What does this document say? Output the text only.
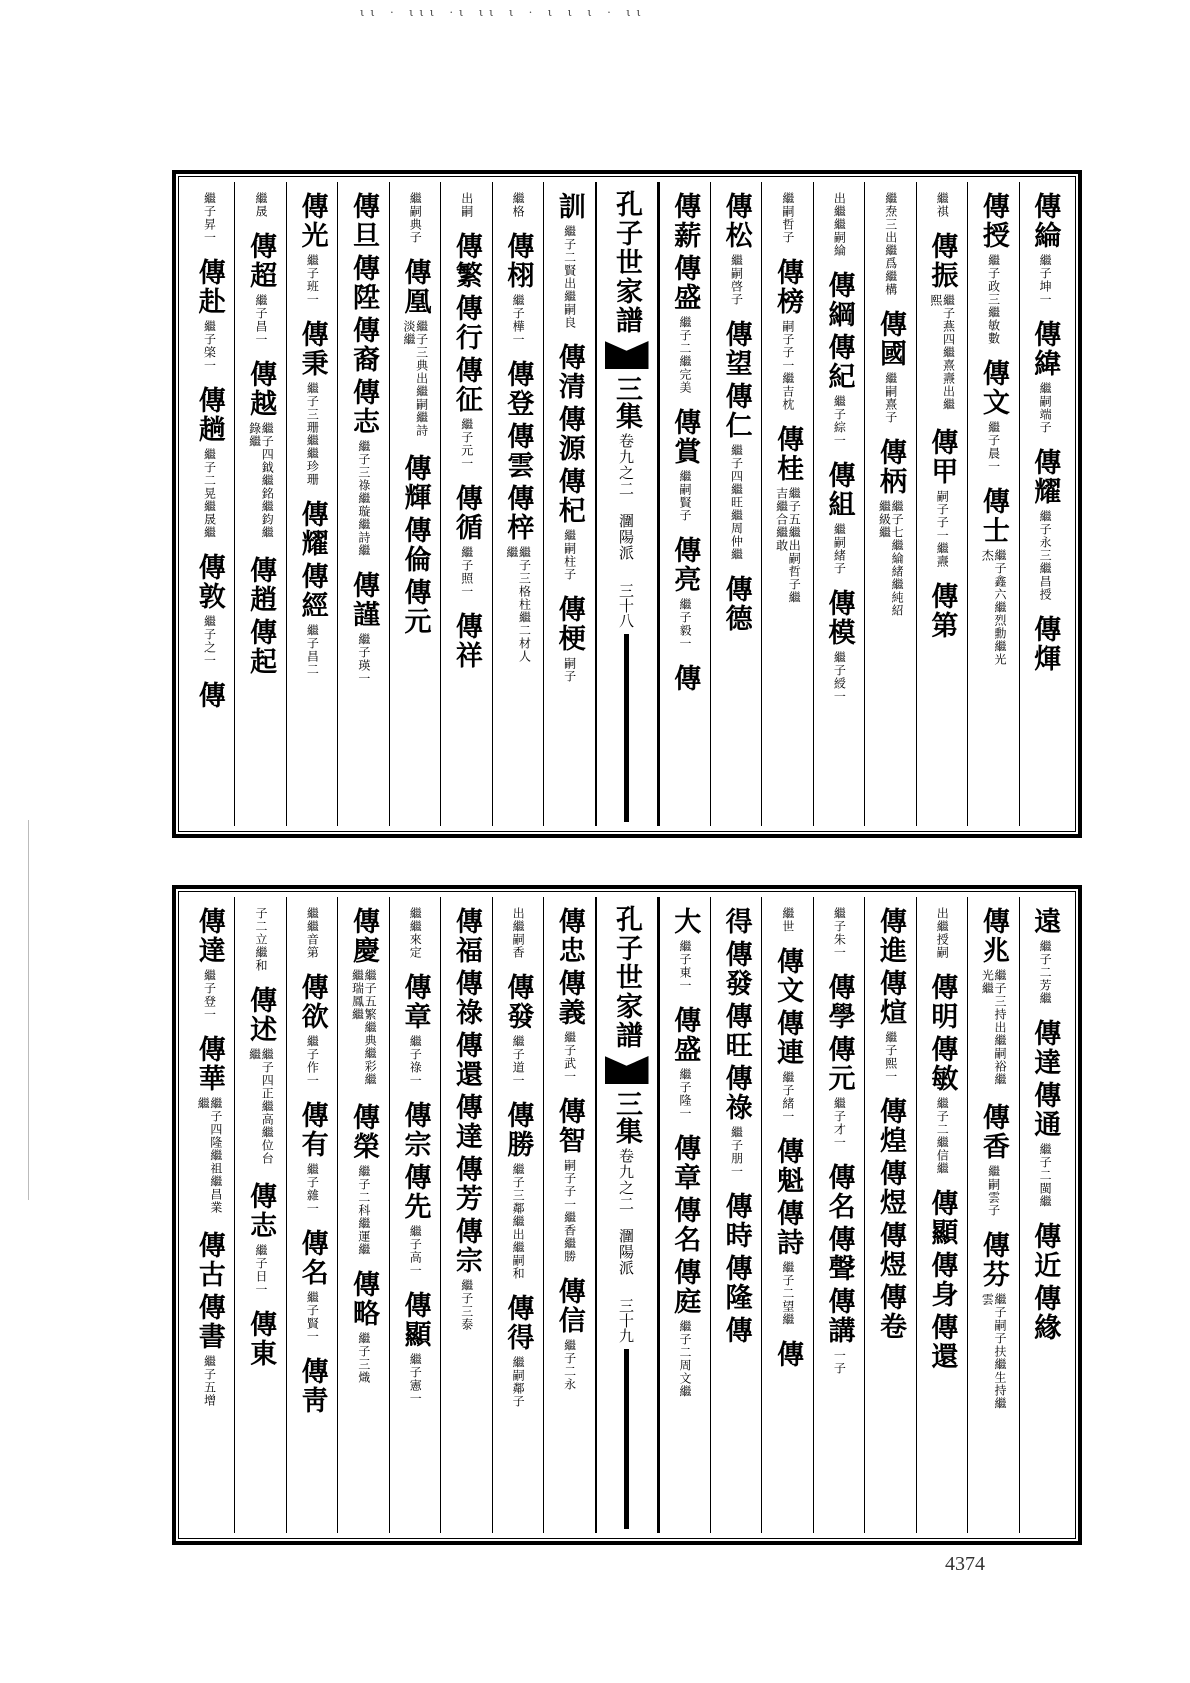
ιι · ιιι ·ι ιι ι · ι ι ι · ιι
傳綸
繼子坤一
傳緯
繼嗣端子
傳耀
繼子永三繼昌授
傳煇
傳授
繼子政三繼敏數
傳文
繼子晨一
傳士
繼子鑫六繼烈勳繼光杰
繼祺
傳振
繼子燕四繼熹燾出繼熙
傳甲
嗣子子一繼燾
傳第
繼焘三出繼爲繼構
傳國
繼嗣熹子
傳柄
繼子七繼綸緒繼純紹繼級繼
出繼繼嗣綸
傳綱
傳紀
繼子綜一
傳組
繼嗣緒子
傳模
繼子綬一
繼嗣哲子
傳榜
嗣子子一繼吉枕
傳桂
繼子五繼出嗣哲子繼吉繼合繼敢
傳松
繼嗣啓子
傳望
傳仁
繼子四繼旺繼周仲繼
傳德
傳薪
傳盛
繼子二繼完美
傳賞
繼嗣賢子
傳亮
繼子毅一
傳
孔子世家譜
三集
卷九之二　潿陽派
三十八
訓
繼子二賢出繼嗣良
傳清
傳源
傳杞
繼嗣柱子
傳梗
嗣子
繼格
傳栩
繼子樺一
傳登
傳雲
傳梓
繼子三格柱繼二材人繼
出嗣
傳繁
傳行
傳征
繼子元一
傳循
繼子照一
傳祥
繼嗣典子
傳凰
繼子三典出繼嗣繼詩淡繼
傳輝
傳倫
傳元
傳旦
傳陞
傳裔
傳志
繼子三祿繼璇繼詩繼
傳謹
繼子瑛一
傳光
繼子班一
傳秉
繼子三珊繼繼珍珊
傳耀
傳經
繼子昌二
繼晟
傳超
繼子昌一
傳越
繼子四鉞繼銘繼鈞繼錄繼
傳趙
傳起
繼子昇一
傳赴
繼子棨一
傳趟
繼子二晃繼晟繼
傳敦
繼子之一
傳
遠
繼子二芳繼
傳達
傳通
繼子二閩繼
傳近
傳緣
傳兆
繼子三持出繼嗣裕繼光繼
傳香
繼嗣雲子
傳芬
繼子嗣子扶繼生持繼雲
出繼授嗣
傳明
傳敏
繼子二繼信繼
傳顯
傳身
傳還
傳進
傳煊
繼子熙一
傳煌
傳煜
傳煜
傳卷
繼子朱一
傳學
傳元
繼子才一
傳名
傳聲
傳講
一子
繼世
傳文
傳連
繼子緒一
傳魁
傳詩
繼子二望繼
傳
得
傳發
傳旺
傳祿
繼子朋一
傳時
傳隆
傳
大
繼子東一
傳盛
繼子隆一
傳章
傳名
傳庭
繼子二周文繼
孔子世家譜
三集
卷九之二　潿陽派
三十九
傳忠
傳義
繼子武一
傳智
嗣子子一繼香繼勝
傳信
繼子二永
出繼嗣香
傳發
繼子道一
傳勝
繼子三鄰繼出繼嗣和
傳得
繼嗣鄰子
傳福
傳祿
傳還
傳達
傳芳
傳宗
繼子三泰
繼繼來定
傳章
繼子祿一
傳宗
傳先
繼子高一
傳顯
繼子憲一
傳慶
繼子五繁繼典繼彩繼繼瑞鳳繼
傳榮
繼子二科繼運繼
傳略
繼子三熾
繼繼音第
傳欲
繼子作一
傳有
繼子雜一
傳名
繼子賢一
傳靑
子二立繼和
傳述
繼子四正繼高繼位台繼
傳志
繼子日一
傳東
傳達
繼子登一
傳華
繼子四隆繼祖繼昌業繼
傳古
傳書
繼子五增
4374
